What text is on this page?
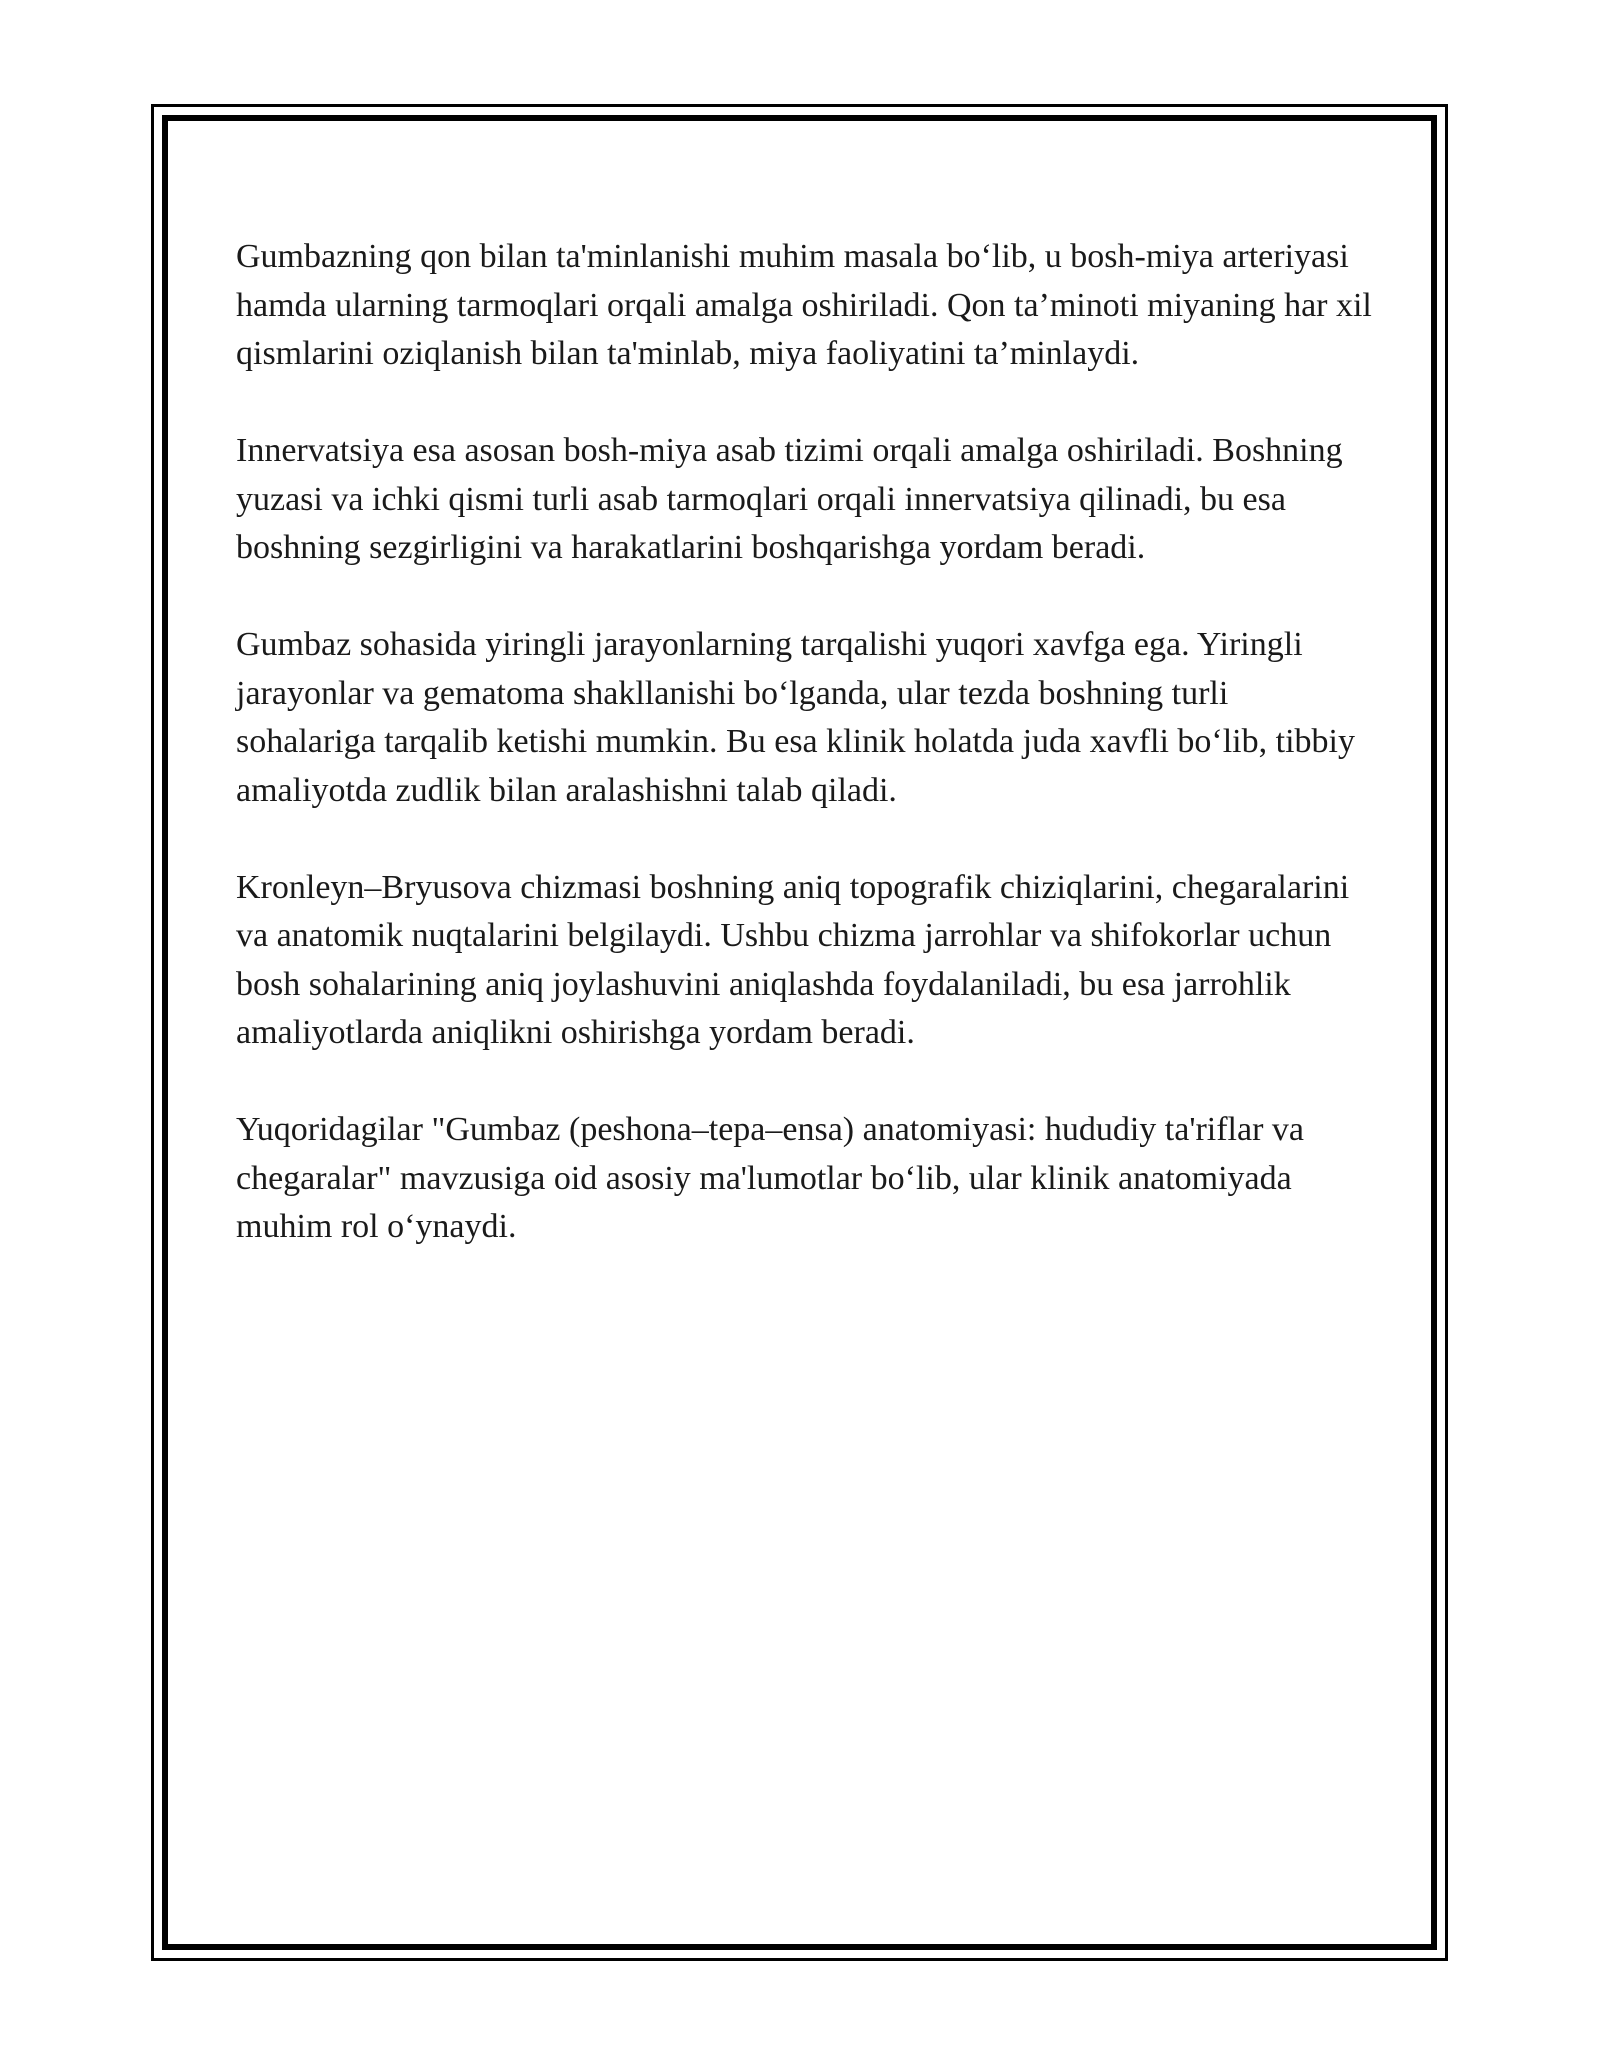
Gumbazning qon bilan ta'minlanishi muhim masala bo‘lib, u bosh-miya arteriyasi hamda ularning tarmoqlari orqali amalga oshiriladi. Qon ta’minoti miyaning har xil qismlarini oziqlanish bilan ta'minlab, miya faoliyatini ta’minlaydi.

Innervatsiya esa asosan bosh-miya asab tizimi orqali amalga oshiriladi. Boshning yuzasi va ichki qismi turli asab tarmoqlari orqali innervatsiya qilinadi, bu esa boshning sezgirligini va harakatlarini boshqarishga yordam beradi.

Gumbaz sohasida yiringli jarayonlarning tarqalishi yuqori xavfga ega. Yiringli jarayonlar va gematoma shakllanishi bo‘lganda, ular tezda boshning turli sohalariga tarqalib ketishi mumkin. Bu esa klinik holatda juda xavfli bo‘lib, tibbiy amaliyotda zudlik bilan aralashishni talab qiladi.

Kronleyn–Bryusova chizmasi boshning aniq topografik chiziqlarini, chegaralarini va anatomik nuqtalarini belgilaydi. Ushbu chizma jarrohlar va shifokorlar uchun bosh sohalarining aniq joylashuvini aniqlashda foydalaniladi, bu esa jarrohlik amaliyotlarda aniqlikni oshirishga yordam beradi.

Yuqoridagilar "Gumbaz (peshona–tepa–ensa) anatomiyasi: hududiy ta'riflar va chegaralar" mavzusiga oid asosiy ma'lumotlar bo‘lib, ular klinik anatomiyada muhim rol o‘ynaydi.
